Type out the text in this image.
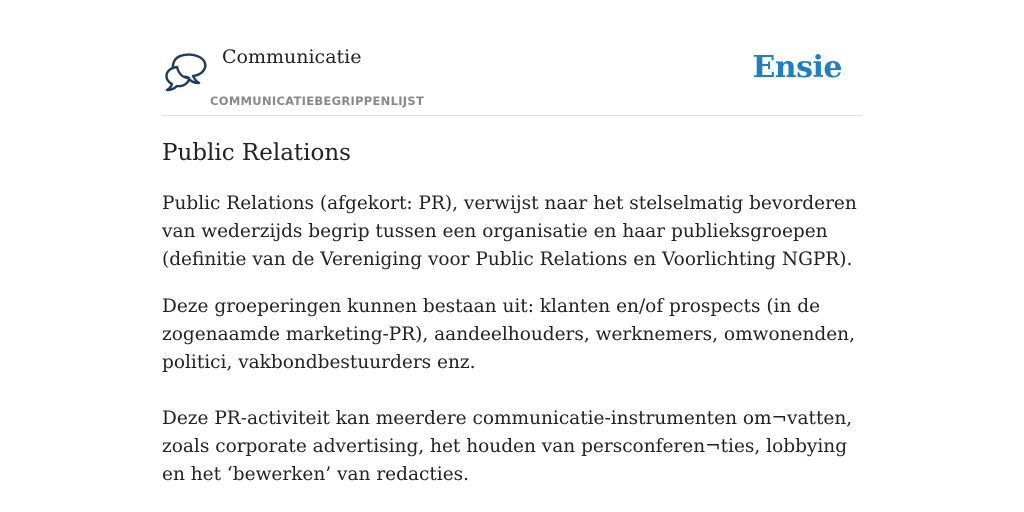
Communicatie
COMMUNICATIEBEGRIPPENLIJST
Ensie
Public Relations

Public Relations (afgekort: PR), verwijst naar het stelselmatig bevorderen van wederzijds begrip tussen een organisatie en haar publieksgroepen (definitie van de Vereniging voor Public Relations en Voorlichting NGPR).

Deze groeperingen kunnen bestaan uit: klanten en/of prospects (in de zogenaamde marketing-PR), aandeelhouders, werknemers, omwonenden, politici, vakbondbestuurders enz.

Deze PR-activiteit kan meerdere communicatie-instrumenten om¬vatten, zoals corporate advertising, het houden van persconferen¬ties, lobbying en het ‘bewerken’ van redacties.
